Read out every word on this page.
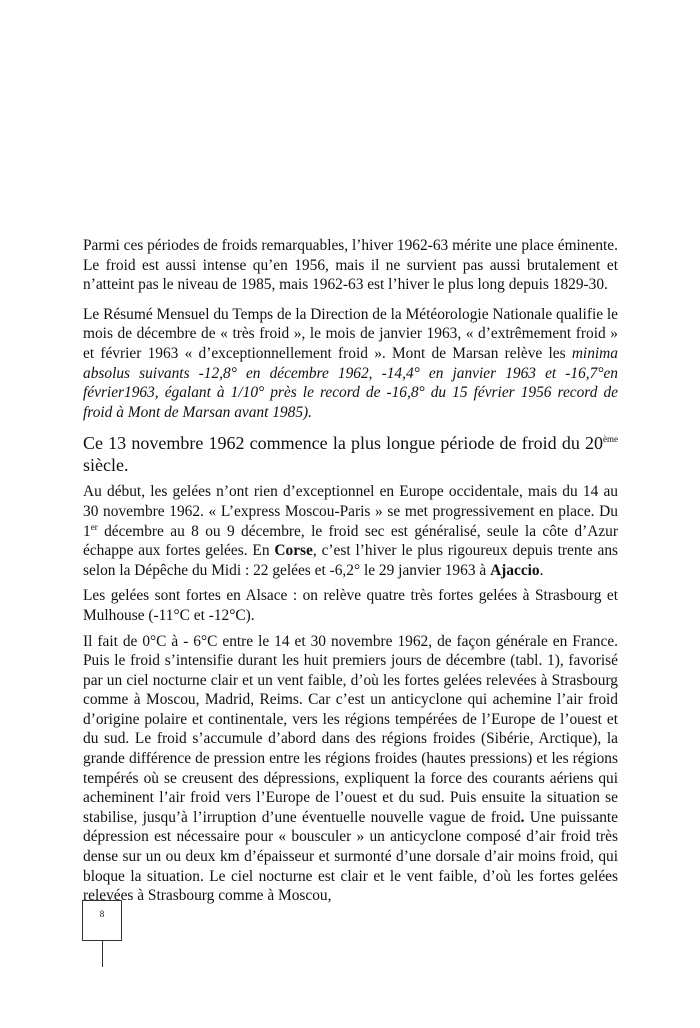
Parmi ces périodes de froids remarquables, l’hiver 1962-63 mérite une place éminente. Le froid est aussi intense qu’en 1956, mais il ne survient pas aussi brutalement et n’atteint pas le niveau de 1985, mais 1962-63 est l’hiver le plus long depuis 1829-30.

Le Résumé Mensuel du Temps de la Direction de la Météorologie Nationale qualifie le mois de décembre de « très froid », le mois de janvier 1963, « d’extrêmement froid » et février 1963 « d’exceptionnellement froid ». Mont de Marsan relève les minima absolus suivants -12,8° en décembre 1962, -14,4° en janvier 1963 et -16,7°en février1963, égalant à 1/10° près le record de -16,8° du 15 février 1956 record de froid à Mont de Marsan avant 1985).

Ce 13 novembre 1962 commence la plus longue période de froid du 20ème siècle.

Au début, les gelées n’ont rien d’exceptionnel en Europe occidentale, mais du 14 au 30 novembre 1962. « L’express Moscou-Paris » se met progressivement en place. Du 1er décembre au 8 ou 9 décembre, le froid sec est généralisé, seule la côte d’Azur échappe aux fortes gelées. En Corse, c’est l’hiver le plus rigoureux depuis trente ans selon la Dépêche du Midi : 22 gelées et -6,2° le 29 janvier 1963 à Ajaccio.

Les gelées sont fortes en Alsace : on relève quatre très fortes gelées à Strasbourg et Mulhouse (-11°C et -12°C).

Il fait de 0°C à - 6°C entre le 14 et 30 novembre 1962, de façon générale en France. Puis le froid s’intensifie durant les huit premiers jours de décembre (tabl. 1), favorisé par un ciel nocturne clair et un vent faible, d’où les fortes gelées relevées à Strasbourg comme à Moscou, Madrid, Reims. Car c’est un anticyclone qui achemine l’air froid d’origine polaire et continentale, vers les régions tempérées de l’Europe de l’ouest et du sud. Le froid s’accumule d’abord dans des régions froides (Sibérie, Arctique), la grande différence de pression entre les régions froides (hautes pressions) et les régions tempérés où se creusent des dépressions, expliquent la force des courants aériens qui acheminent l’air froid vers l’Europe de l’ouest et du sud. Puis ensuite la situation se stabilise, jusqu’à l’irruption d’une éventuelle nouvelle vague de froid. Une puissante dépression est nécessaire pour « bousculer » un anticyclone composé d’air froid très dense sur un ou deux km d’épaisseur et surmonté d’une dorsale d’air moins froid, qui bloque la situation. Le ciel nocturne est clair et le vent faible, d’où les fortes gelées relevées à Strasbourg comme à Moscou,

8
